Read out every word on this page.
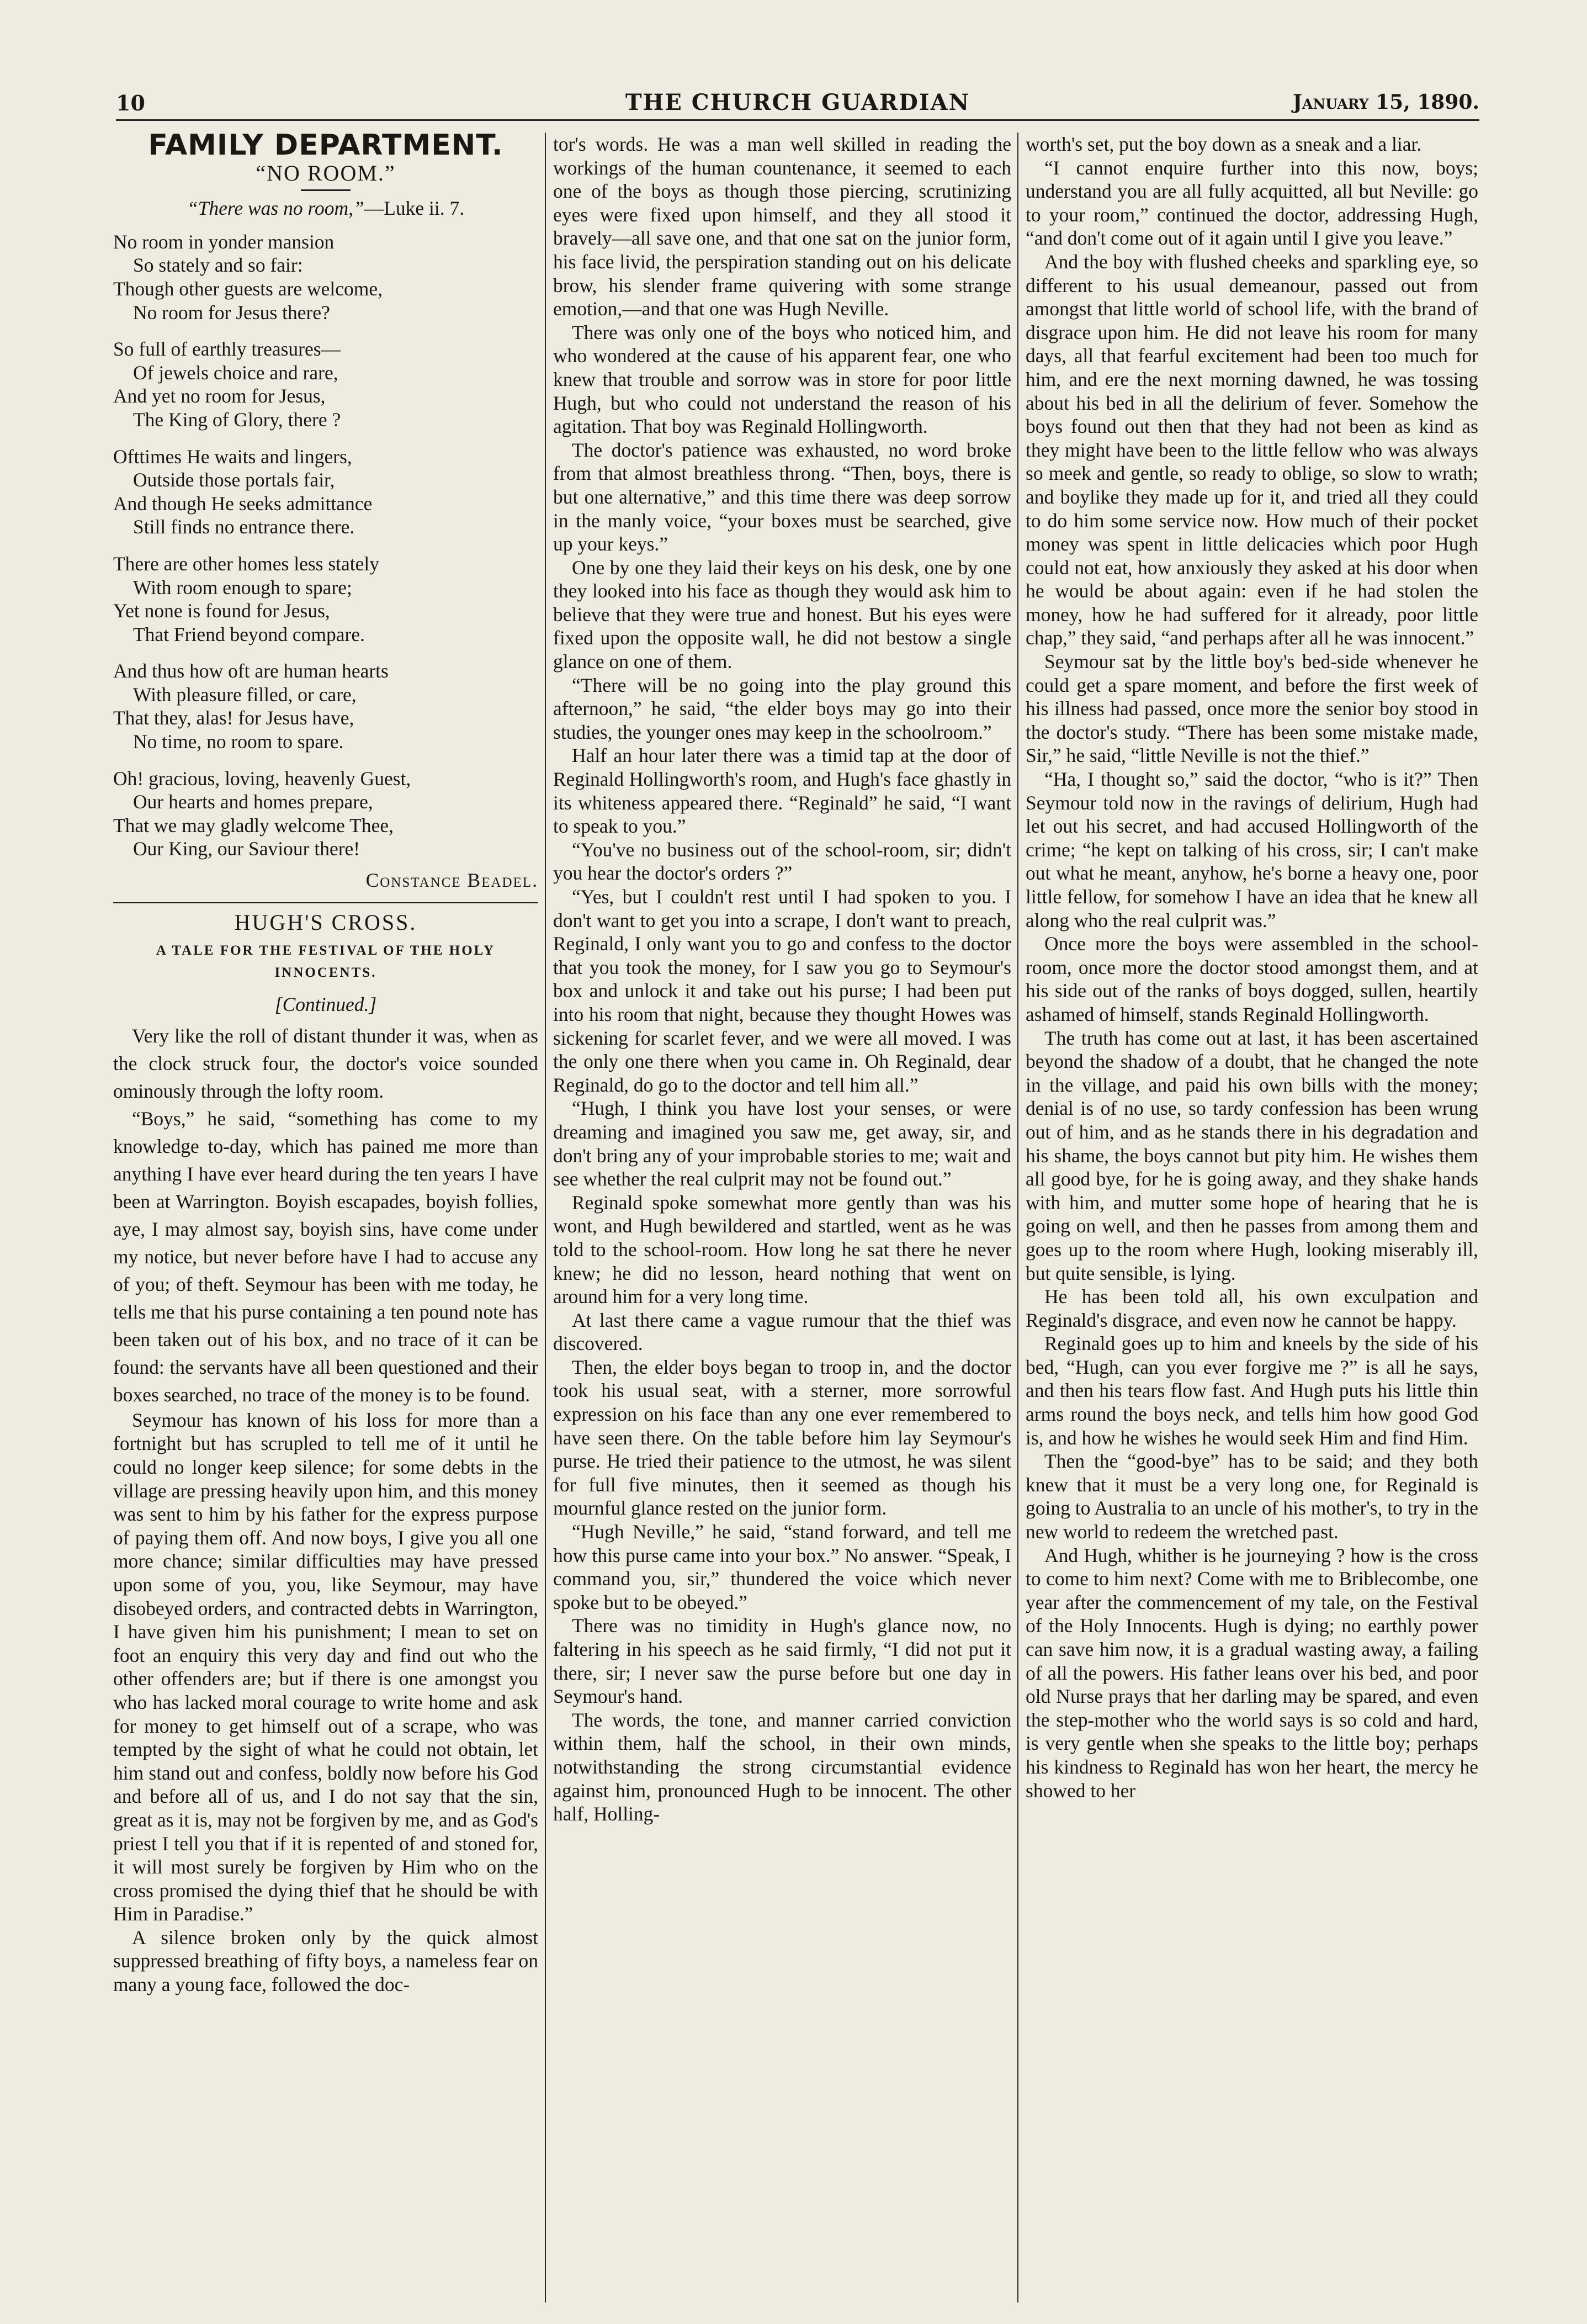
10	THE CHURCH GUARDIAN	January 15, 1890.
FAMILY DEPARTMENT.
“NO ROOM.”

“There was no room,”—Luke ii. 7.

No room in yonder mansion
So stately and so fair:
Though other guests are welcome,
No room for Jesus there?
So full of earthly treasures—
Of jewels choice and rare,
And yet no room for Jesus,
The King of Glory, there ?
Ofttimes He waits and lingers,
Outside those portals fair,
And though He seeks admittance
Still finds no entrance there.
There are other homes less stately
With room enough to spare;
Yet none is found for Jesus,
That Friend beyond compare.
And thus how oft are human hearts
With pleasure filled, or care,
That they, alas! for Jesus have,
No time, no room to spare.
Oh! gracious, loving, heavenly Guest,
Our hearts and homes prepare,
That we may gladly welcome Thee,
Our King, our Saviour there!

Constance Beadel.

HUGH'S CROSS.
A TALE FOR THE FESTIVAL OF THE HOLY INNOCENTS.
[Continued.]

Very like the roll of distant thunder it was, when as the clock struck four, the doctor's voice sounded ominously through the lofty room.

“Boys,” he said, “something has come to my knowledge to-day, which has pained me more than anything I have ever heard during the ten years I have been at Warrington. Boyish escapades, boyish follies, aye, I may almost say, boyish sins, have come under my notice, but never before have I had to accuse any of you; of theft. Seymour has been with me today, he tells me that his purse containing a ten pound note has been taken out of his box, and no trace of it can be found: the servants have all been questioned and their boxes searched, no trace of the money is to be found.

Seymour has known of his loss for more than a fortnight but has scrupled to tell me of it until he could no longer keep silence; for some debts in the village are pressing heavily upon him, and this money was sent to him by his father for the express purpose of paying them off. And now boys, I give you all one more chance; similar difficulties may have pressed upon some of you, you, like Seymour, may have disobeyed orders, and contracted debts in Warrington, I have given him his punishment; I mean to set on foot an enquiry this very day and find out who the other offenders are; but if there is one amongst you who has lacked moral courage to write home and ask for money to get himself out of a scrape, who was tempted by the sight of what he could not obtain, let him stand out and confess, boldly now before his God and before all of us, and I do not say that the sin, great as it is, may not be forgiven by me, and as God's priest I tell you that if it is repented of and stoned for, it will most surely be forgiven by Him who on the cross promised the dying thief that he should be with Him in Paradise.”

A silence broken only by the quick almost suppressed breathing of fifty boys, a nameless fear on many a young face, followed the doc-

tor's words. He was a man well skilled in reading the workings of the human countenance, it seemed to each one of the boys as though those piercing, scrutinizing eyes were fixed upon himself, and they all stood it bravely—all save one, and that one sat on the junior form, his face livid, the perspiration standing out on his delicate brow, his slender frame quivering with some strange emotion,—and that one was Hugh Neville.

There was only one of the boys who noticed him, and who wondered at the cause of his apparent fear, one who knew that trouble and sorrow was in store for poor little Hugh, but who could not understand the reason of his agitation. That boy was Reginald Hollingworth.

The doctor's patience was exhausted, no word broke from that almost breathless throng. “Then, boys, there is but one alternative,” and this time there was deep sorrow in the manly voice, “your boxes must be searched, give up your keys.”

One by one they laid their keys on his desk, one by one they looked into his face as though they would ask him to believe that they were true and honest. But his eyes were fixed upon the opposite wall, he did not bestow a single glance on one of them.

“There will be no going into the play ground this afternoon,” he said, “the elder boys may go into their studies, the younger ones may keep in the schoolroom.”

Half an hour later there was a timid tap at the door of Reginald Hollingworth's room, and Hugh's face ghastly in its whiteness appeared there. “Reginald” he said, “I want to speak to you.”

“You've no business out of the school-room, sir; didn't you hear the doctor's orders ?”

“Yes, but I couldn't rest until I had spoken to you. I don't want to get you into a scrape, I don't want to preach, Reginald, I only want you to go and confess to the doctor that you took the money, for I saw you go to Seymour's box and unlock it and take out his purse; I had been put into his room that night, because they thought Howes was sickening for scarlet fever, and we were all moved. I was the only one there when you came in. Oh Reginald, dear Reginald, do go to the doctor and tell him all.”

“Hugh, I think you have lost your senses, or were dreaming and imagined you saw me, get away, sir, and don't bring any of your improbable stories to me; wait and see whether the real culprit may not be found out.”

Reginald spoke somewhat more gently than was his wont, and Hugh bewildered and startled, went as he was told to the school-room. How long he sat there he never knew; he did no lesson, heard nothing that went on around him for a very long time.

At last there came a vague rumour that the thief was discovered.

Then, the elder boys began to troop in, and the doctor took his usual seat, with a sterner, more sorrowful expression on his face than any one ever remembered to have seen there. On the table before him lay Seymour's purse. He tried their patience to the utmost, he was silent for full five minutes, then it seemed as though his mournful glance rested on the junior form.

“Hugh Neville,” he said, “stand forward, and tell me how this purse came into your box.” No answer. “Speak, I command you, sir,” thundered the voice which never spoke but to be obeyed.”

There was no timidity in Hugh's glance now, no faltering in his speech as he said firmly, “I did not put it there, sir; I never saw the purse before but one day in Seymour's hand.

The words, the tone, and manner carried conviction within them, half the school, in their own minds, notwithstanding the strong circumstantial evidence against him, pronounced Hugh to be innocent. The other half, Holling-

worth's set, put the boy down as a sneak and a liar.

“I cannot enquire further into this now, boys; understand you are all fully acquitted, all but Neville: go to your room,” continued the doctor, addressing Hugh, “and don't come out of it again until I give you leave.”

And the boy with flushed cheeks and sparkling eye, so different to his usual demeanour, passed out from amongst that little world of school life, with the brand of disgrace upon him. He did not leave his room for many days, all that fearful excitement had been too much for him, and ere the next morning dawned, he was tossing about his bed in all the delirium of fever. Somehow the boys found out then that they had not been as kind as they might have been to the little fellow who was always so meek and gentle, so ready to oblige, so slow to wrath; and boylike they made up for it, and tried all they could to do him some service now. How much of their pocket money was spent in little delicacies which poor Hugh could not eat, how anxiously they asked at his door when he would be about again: even if he had stolen the money, how he had suffered for it already, poor little chap,” they said, “and perhaps after all he was innocent.”

Seymour sat by the little boy's bed-side whenever he could get a spare moment, and before the first week of his illness had passed, once more the senior boy stood in the doctor's study. “There has been some mistake made, Sir,” he said, “little Neville is not the thief.”

“Ha, I thought so,” said the doctor, “who is it?” Then Seymour told now in the ravings of delirium, Hugh had let out his secret, and had accused Hollingworth of the crime; “he kept on talking of his cross, sir; I can't make out what he meant, anyhow, he's borne a heavy one, poor little fellow, for somehow I have an idea that he knew all along who the real culprit was.”

Once more the boys were assembled in the school-room, once more the doctor stood amongst them, and at his side out of the ranks of boys dogged, sullen, heartily ashamed of himself, stands Reginald Hollingworth.

The truth has come out at last, it has been ascertained beyond the shadow of a doubt, that he changed the note in the village, and paid his own bills with the money; denial is of no use, so tardy confession has been wrung out of him, and as he stands there in his degradation and his shame, the boys cannot but pity him. He wishes them all good bye, for he is going away, and they shake hands with him, and mutter some hope of hearing that he is going on well, and then he passes from among them and goes up to the room where Hugh, looking miserably ill, but quite sensible, is lying.

He has been told all, his own exculpation and Reginald's disgrace, and even now he cannot be happy.

Reginald goes up to him and kneels by the side of his bed, “Hugh, can you ever forgive me ?” is all he says, and then his tears flow fast. And Hugh puts his little thin arms round the boys neck, and tells him how good God is, and how he wishes he would seek Him and find Him.

Then the “good-bye” has to be said; and they both knew that it must be a very long one, for Reginald is going to Australia to an uncle of his mother's, to try in the new world to redeem the wretched past.

And Hugh, whither is he journeying ? how is the cross to come to him next? Come with me to Briblecombe, one year after the commencement of my tale, on the Festival of the Holy Innocents. Hugh is dying; no earthly power can save him now, it is a gradual wasting away, a failing of all the powers. His father leans over his bed, and poor old Nurse prays that her darling may be spared, and even the step-mother who the world says is so cold and hard, is very gentle when she speaks to the little boy; perhaps his kindness to Reginald has won her heart, the mercy he showed to her
